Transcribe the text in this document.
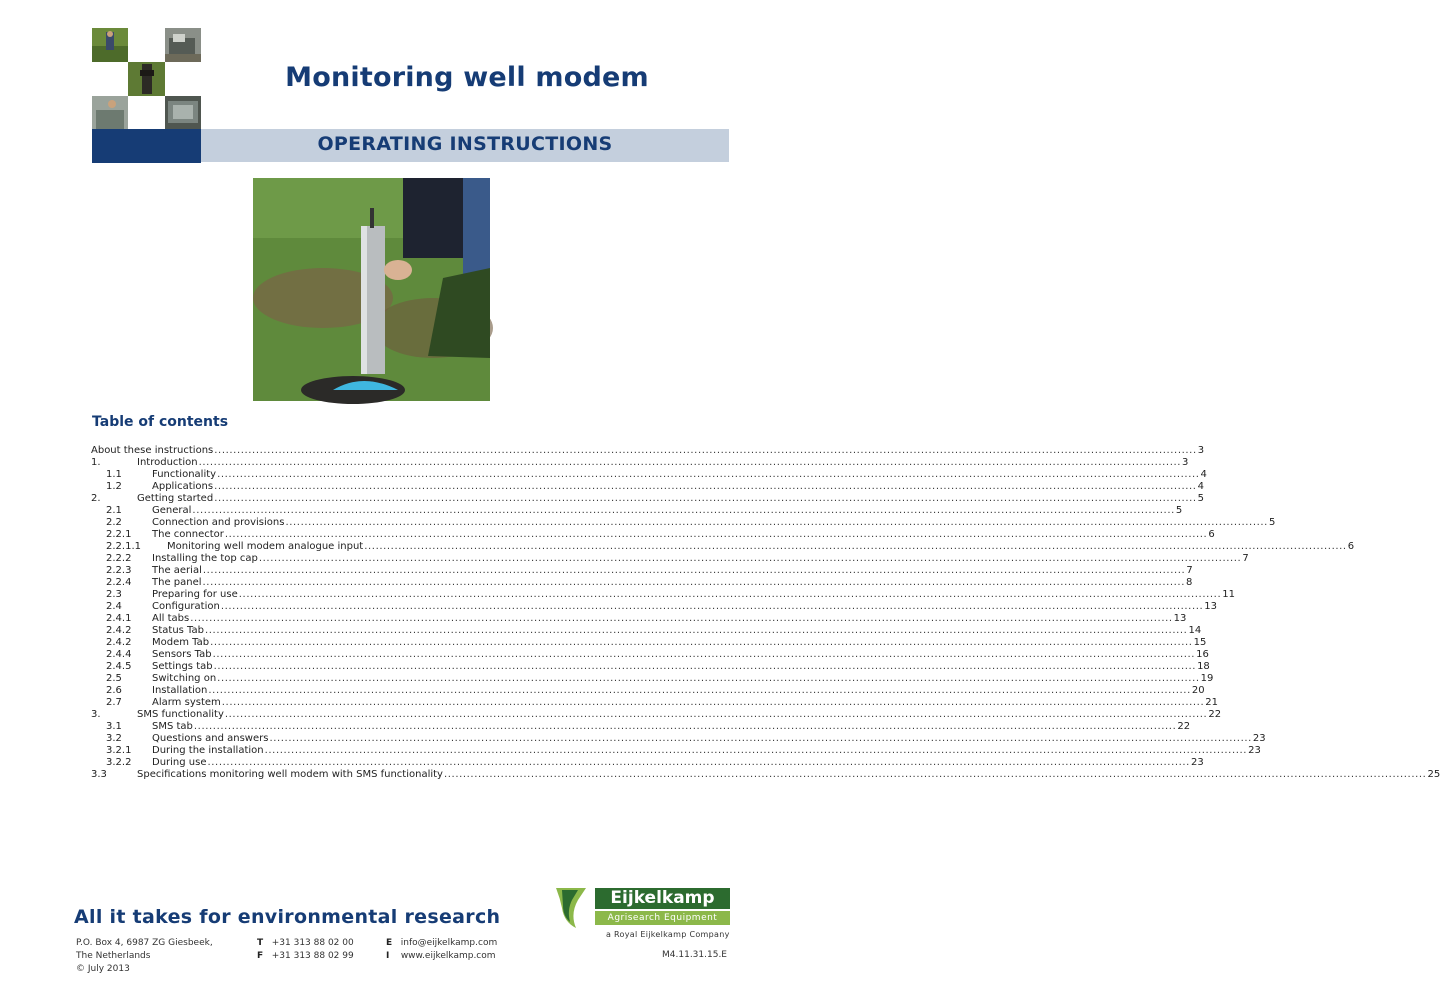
Monitoring well modem
OPERATING INSTRUCTIONS
Table of contents
About these instructions .................................................................................................................................................................................................................................................................... 3
1.	Introduction .................................................................................................................................................................................................................................................................... 3
1.1	Functionality .................................................................................................................................................................................................................................................................... 4
1.2	Applications .................................................................................................................................................................................................................................................................... 4
2.	Getting started .................................................................................................................................................................................................................................................................... 5
2.1	General .................................................................................................................................................................................................................................................................... 5
2.2	Connection and provisions .................................................................................................................................................................................................................................................................... 5
2.2.1 The connector .................................................................................................................................................................................................................................................................... 6
2.2.1.1	Monitoring well modem analogue input .................................................................................................................................................................................................................................................................... 6
2.2.2 Installing the top cap .................................................................................................................................................................................................................................................................... 7
2.2.3 The aerial .................................................................................................................................................................................................................................................................... 7
2.2.4 The panel .................................................................................................................................................................................................................................................................... 8
2.3	Preparing for use .................................................................................................................................................................................................................................................................... 11
2.4	Configuration .................................................................................................................................................................................................................................................................... 13
2.4.1 All tabs .................................................................................................................................................................................................................................................................... 13
2.4.2 Status Tab .................................................................................................................................................................................................................................................................... 14
2.4.2 Modem Tab .................................................................................................................................................................................................................................................................... 15
2.4.4 Sensors Tab .................................................................................................................................................................................................................................................................... 16
2.4.5 Settings tab .................................................................................................................................................................................................................................................................... 18
2.5	Switching on .................................................................................................................................................................................................................................................................... 19
2.6	Installation .................................................................................................................................................................................................................................................................... 20
2.7	Alarm system .................................................................................................................................................................................................................................................................... 21
3.	SMS functionality .................................................................................................................................................................................................................................................................... 22
3.1	SMS tab .................................................................................................................................................................................................................................................................... 22
3.2	Questions and answers .................................................................................................................................................................................................................................................................... 23
3.2.1 During the installation .................................................................................................................................................................................................................................................................... 23
3.2.2 During use .................................................................................................................................................................................................................................................................... 23
3.3	Specifications monitoring well modem with SMS functionality .................................................................................................................................................................................................................................................................... 25
All it takes for environmental research
P.O. Box 4, 6987 ZG Giesbeek,
The Netherlands
© July 2013
T +31 313 88 02 00
F +31 313 88 02 99
E info@eijkelkamp.com
I www.eijkelkamp.com
Eijkelkamp
Agrisearch Equipment
a Royal Eijkelkamp Company
M4.11.31.15.E
